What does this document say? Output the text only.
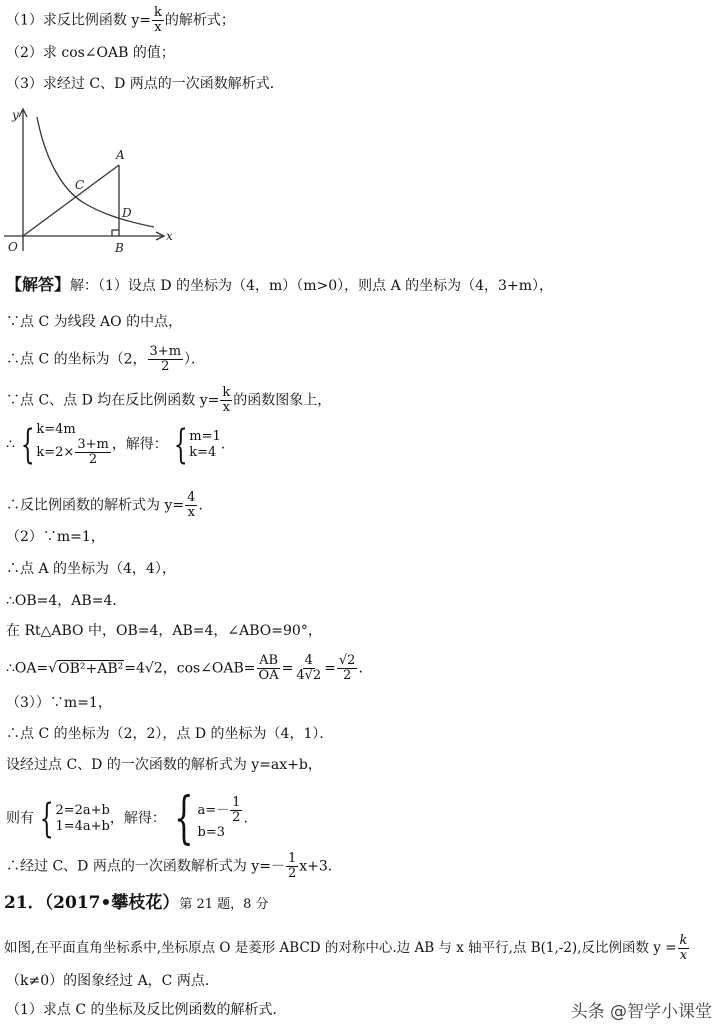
（1）求反比例函数 $y= \frac{k}{x}$ 的解析式；
（2）求 cos∠OAB 的值；
（3）求经过 C、D 两点的一次函数解析式．
y
x
O
A
B
C
D
【解答】解：（1）设点 D 的坐标为（4，m）（m>0），则点 A 的坐标为（4，3+m），
∵点 C 为线段 AO 的中点，
∴点 C 的坐标为（2， $\frac{3+m}{2}$ ）．
∵点 C、点 D 均在反比例函数 $y= \frac{k}{x}$ 的函数图象上，
∴ { k=4m
$k=2\times \frac{3+m}{2}$ ，解得： { m=1
k=4 .
∴反比例函数的解析式为 $y= \frac{4}{x}$ .
（2）∵m=1，
∴点 A 的坐标为（4，4），
∴OB=4，AB=4．
在 Rt△ABO 中，OB=4，AB=4，∠ABO=90°，
∴OA=√OB²+AB²=4√2，cos∠OAB= $\frac{AB}{OA} = \frac{4}{4√2} = \frac{√2}{2}$ .
（3））∵m=1，
∴点 C 的坐标为（2，2），点 D 的坐标为（4，1）．
设经过点 C、D 的一次函数的解析式为 y=ax+b，
则有 { 2=2a+b
1=4a+b ，解得： { $a=- \frac{1}{2}$
b=3
.
∴经过 C、D 两点的一次函数解析式为 $y=- \frac{1}{2} x+3$．
21．（2017•攀枝花）第 21 题，8 分
如图,在平面直角坐标系中,坐标原点 O 是菱形 ABCD 的对称中心.边 AB 与 x 轴平行,点 B(1,-2),反比例函数 $y = \frac{k}{x}$
（k≠0）的图象经过 A，C 两点．
（1）求点 C 的坐标及反比例函数的解析式．	头条 @智学小课堂
